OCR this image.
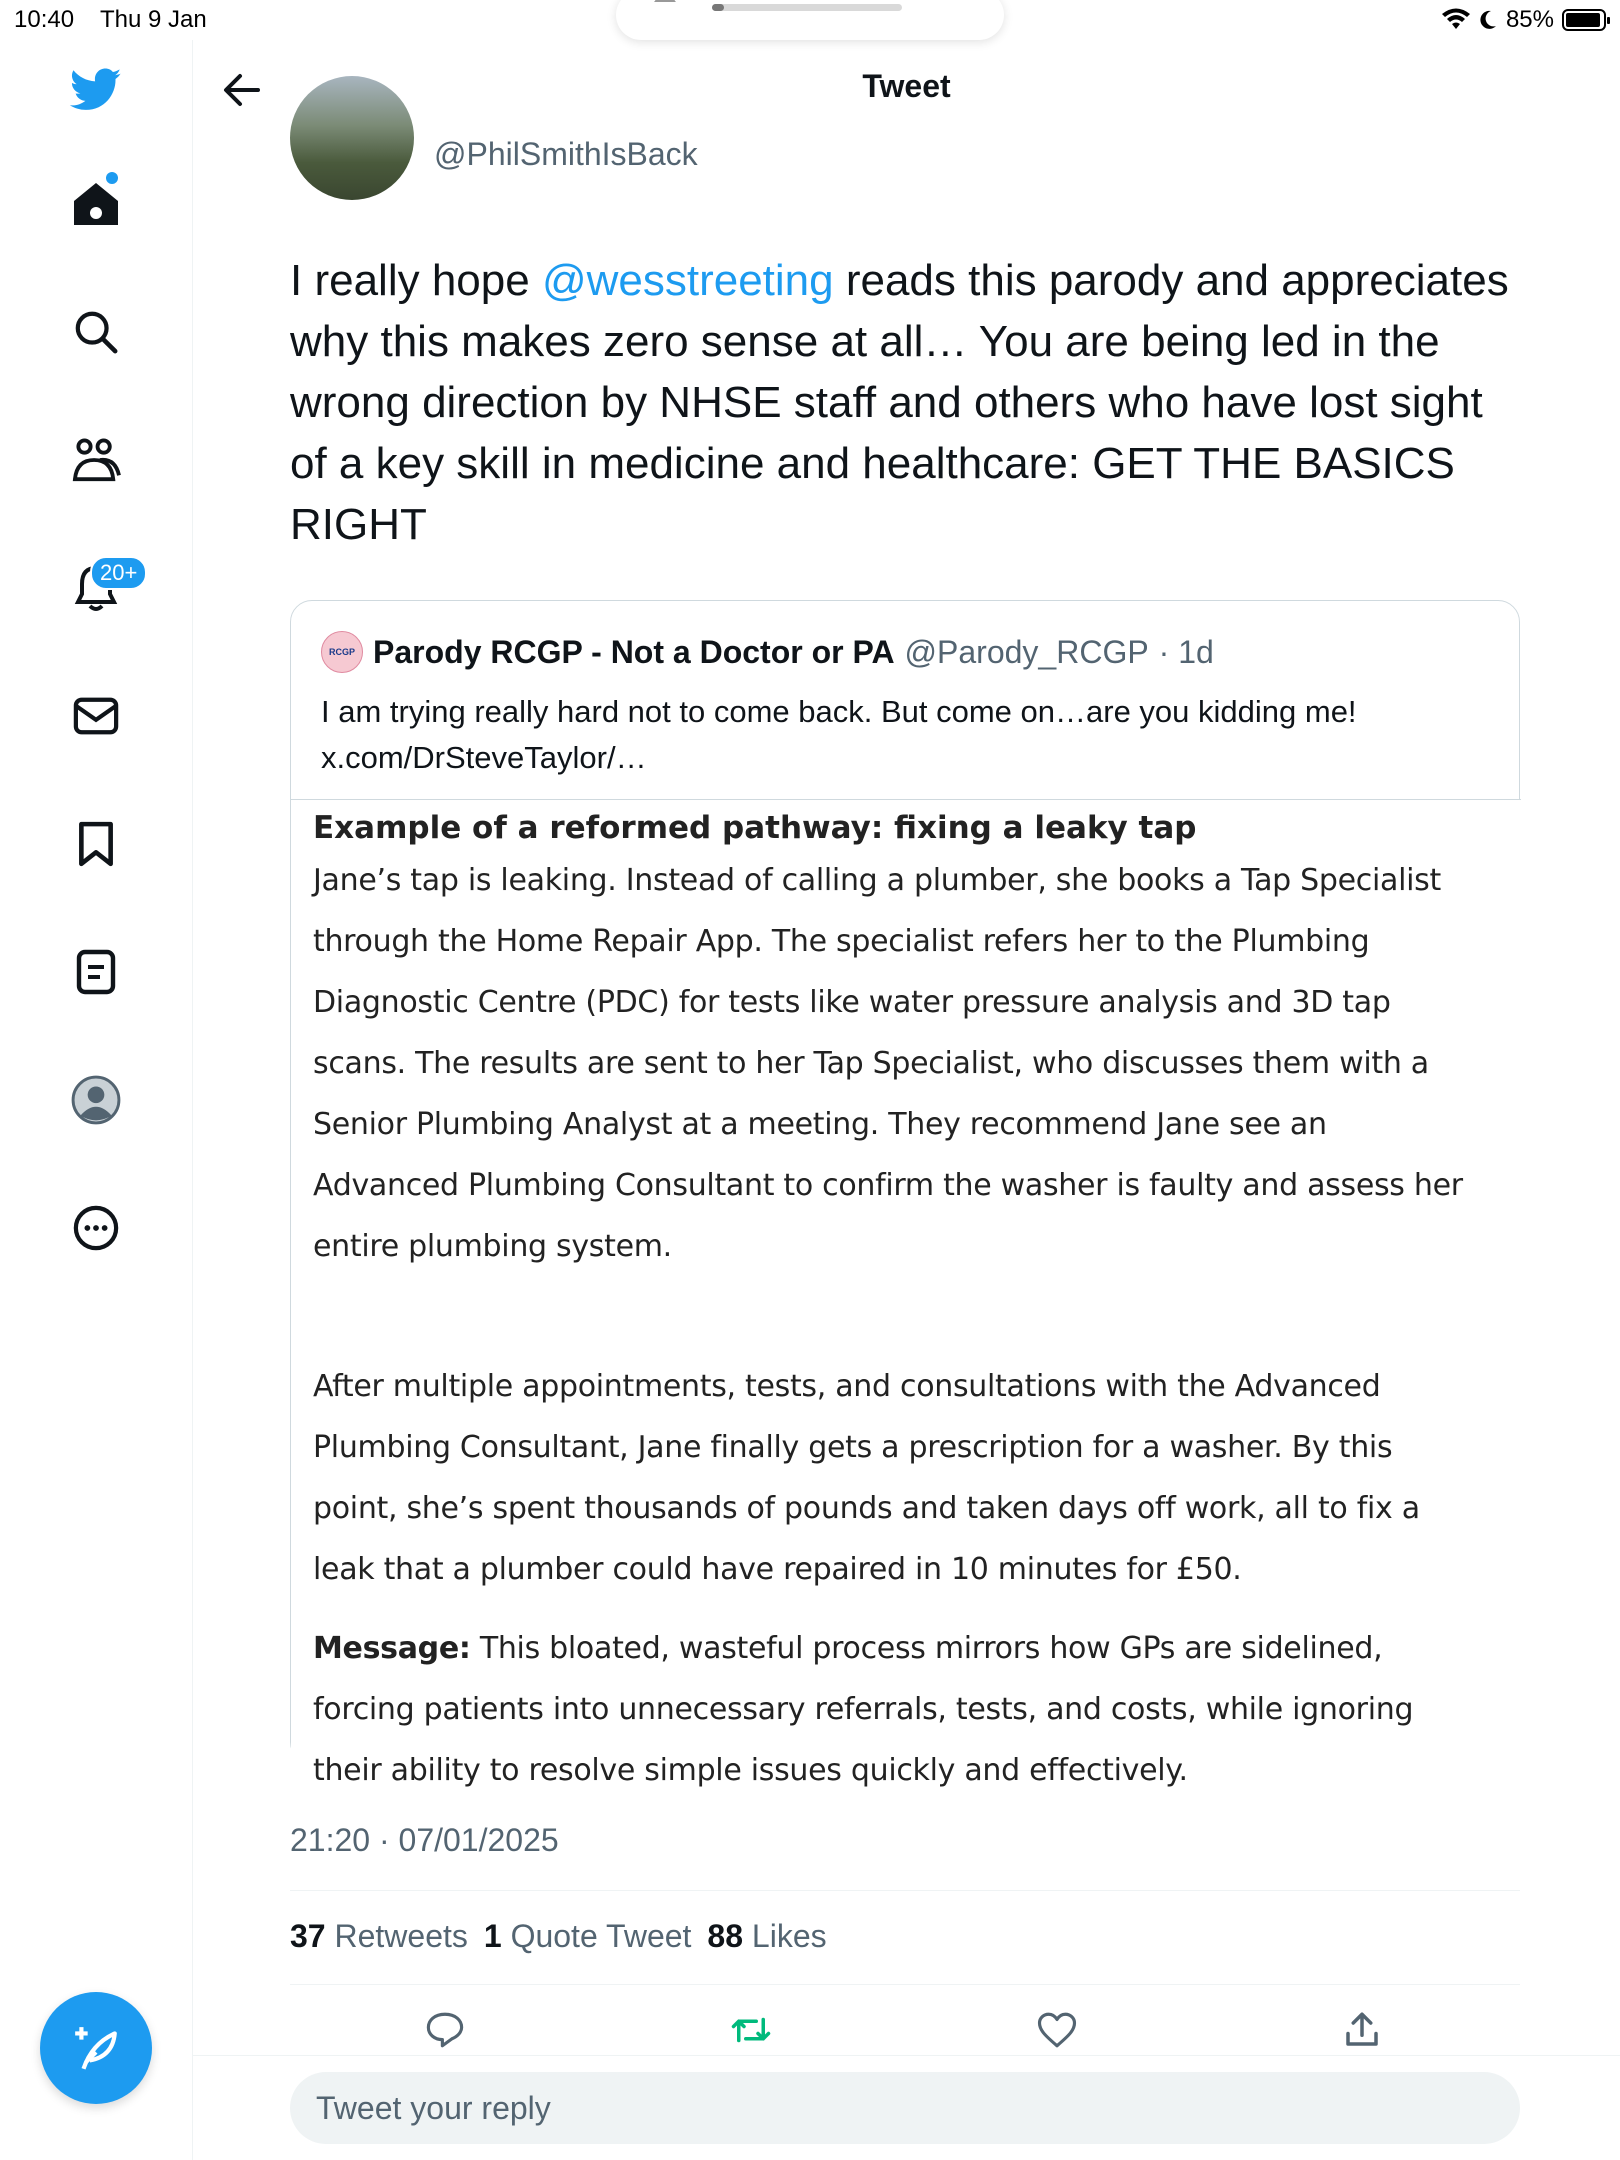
10:40 Thu 9 Jan	85%
20+
Tweet
@PhilSmithIsBack
I really hope @wesstreeting reads this parody and appreciates why this makes zero sense at all… You are being led in the wrong direction by NHSE staff and others who have lost sight of a key skill in medicine and healthcare: GET THE BASICS RIGHT
RCGP Parody RCGP - Not a Doctor or PA @Parody_RCGP · 1d
I am trying really hard not to come back. But come on…are you kidding me!
x.com/DrSteveTaylor/…
Example of a reformed pathway: fixing a leaky tap
Jane’s tap is leaking. Instead of calling a plumber, she books a Tap Specialist
through the Home Repair App. The specialist refers her to the Plumbing
Diagnostic Centre (PDC) for tests like water pressure analysis and 3D tap
scans. The results are sent to her Tap Specialist, who discusses them with a
Senior Plumbing Analyst at a meeting. They recommend Jane see an
Advanced Plumbing Consultant to confirm the washer is faulty and assess her
entire plumbing system.
After multiple appointments, tests, and consultations with the Advanced
Plumbing Consultant, Jane finally gets a prescription for a washer. By this
point, she’s spent thousands of pounds and taken days off work, all to fix a
leak that a plumber could have repaired in 10 minutes for £50.
Message: This bloated, wasteful process mirrors how GPs are sidelined,
forcing patients into unnecessary referrals, tests, and costs, while ignoring
their ability to resolve simple issues quickly and effectively.
21:20 · 07/01/2025
37 Retweets 1 Quote Tweet 88 Likes
Tweet your reply
